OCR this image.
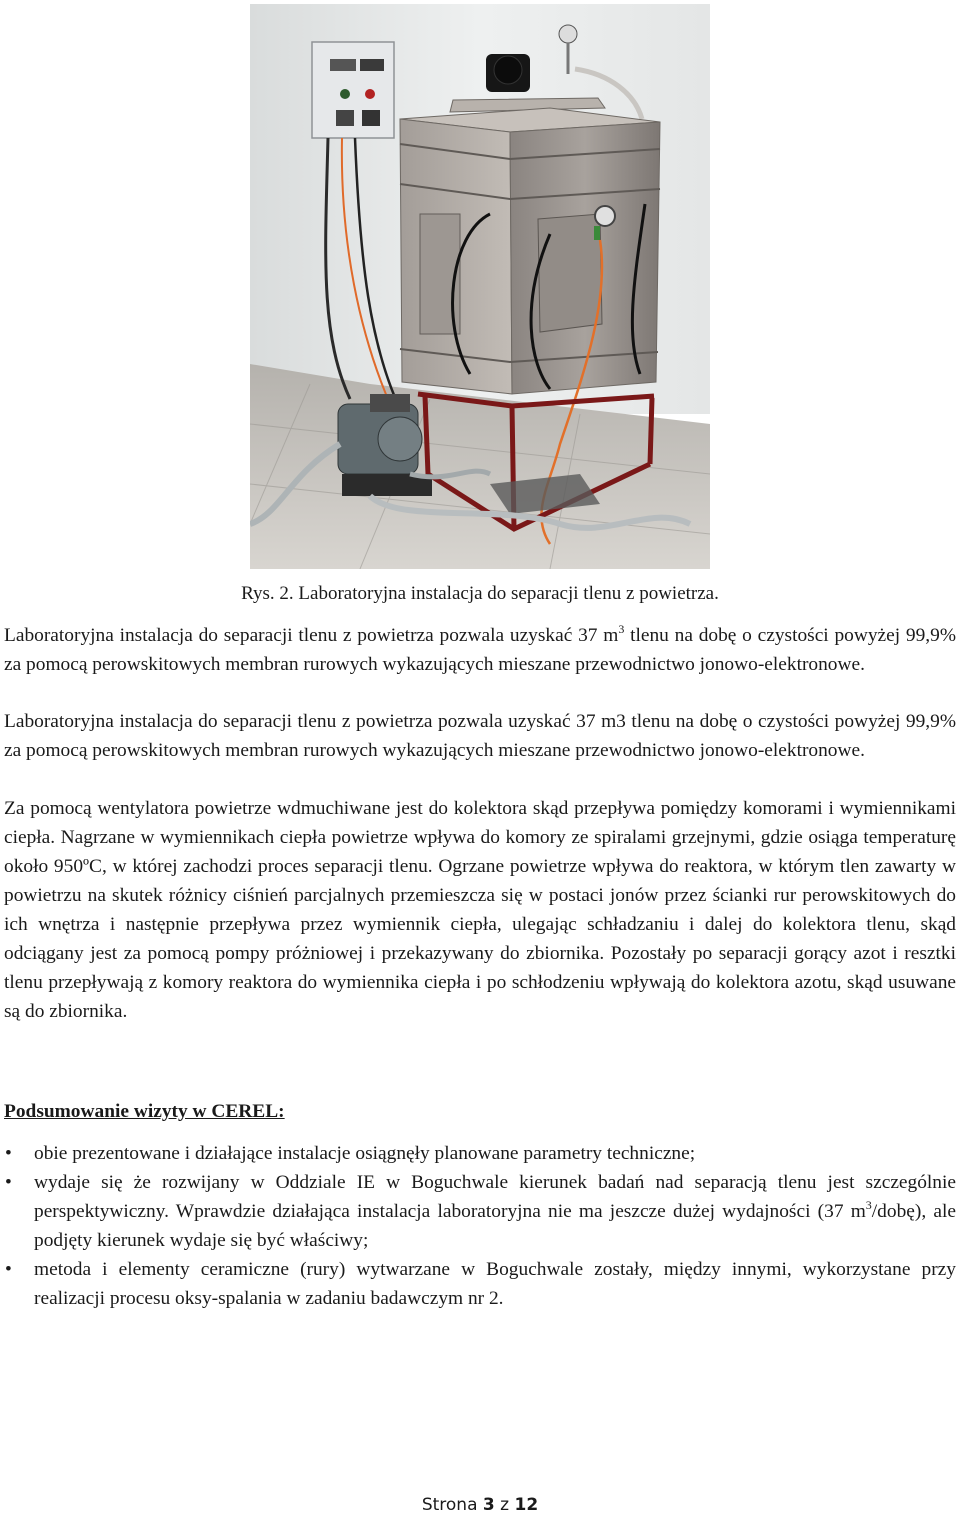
Rys. 2. Laboratoryjna instalacja do separacji tlenu z powietrza.

Laboratoryjna instalacja do separacji tlenu z powietrza pozwala uzyskać 37 $m^3$ tlenu na dobę o czystości powyżej 99,9% za pomocą perowskitowych membran rurowych wykazujących mieszane przewodnictwo jonowo-elektronowe.

Laboratoryjna instalacja do separacji tlenu z powietrza pozwala uzyskać 37 m3 tlenu na dobę o czystości powyżej 99,9% za pomocą perowskitowych membran rurowych wykazujących mieszane przewodnictwo jonowo-elektronowe.

Za pomocą wentylatora powietrze wdmuchiwane jest do kolektora skąd przepływa pomiędzy komorami i wymiennikami ciepła. Nagrzane w wymiennikach ciepła powietrze wpływa do komory ze spiralami grzejnymi, gdzie osiąga temperaturę około 950ºC, w której zachodzi proces separacji tlenu. Ogrzane powietrze wpływa do reaktora, w którym tlen zawarty w powietrzu na skutek różnicy ciśnień parcjalnych przemieszcza się w postaci jonów przez ścianki rur perowskitowych do ich wnętrza i następnie przepływa przez wymiennik ciepła, ulegając schładzaniu i dalej do kolektora tlenu, skąd odciągany jest za pomocą pompy próżniowej i przekazywany do zbiornika. Pozostały po separacji gorący azot i resztki tlenu przepływają z komory reaktora do wymiennika ciepła i po schłodzeniu wpływają do kolektora azotu, skąd usuwane są do zbiornika.

Podsumowanie wizyty w CEREL:
• obie prezentowane i działające instalacje osiągnęły planowane parametry techniczne;
• wydaje się że rozwijany w Oddziale IE w Boguchwale kierunek badań nad separacją tlenu jest szczególnie perspektywiczny. Wprawdzie działająca instalacja laboratoryjna nie ma jeszcze dużej wydajności (37 $m^3/dobę$), ale podjęty kierunek wydaje się być właściwy;
• metoda i elementy ceramiczne (rury) wytwarzane w Boguchwale zostały, między innymi, wykorzystane przy realizacji procesu oksy-spalania w zadaniu badawczym nr 2.
Strona 3 z 12
